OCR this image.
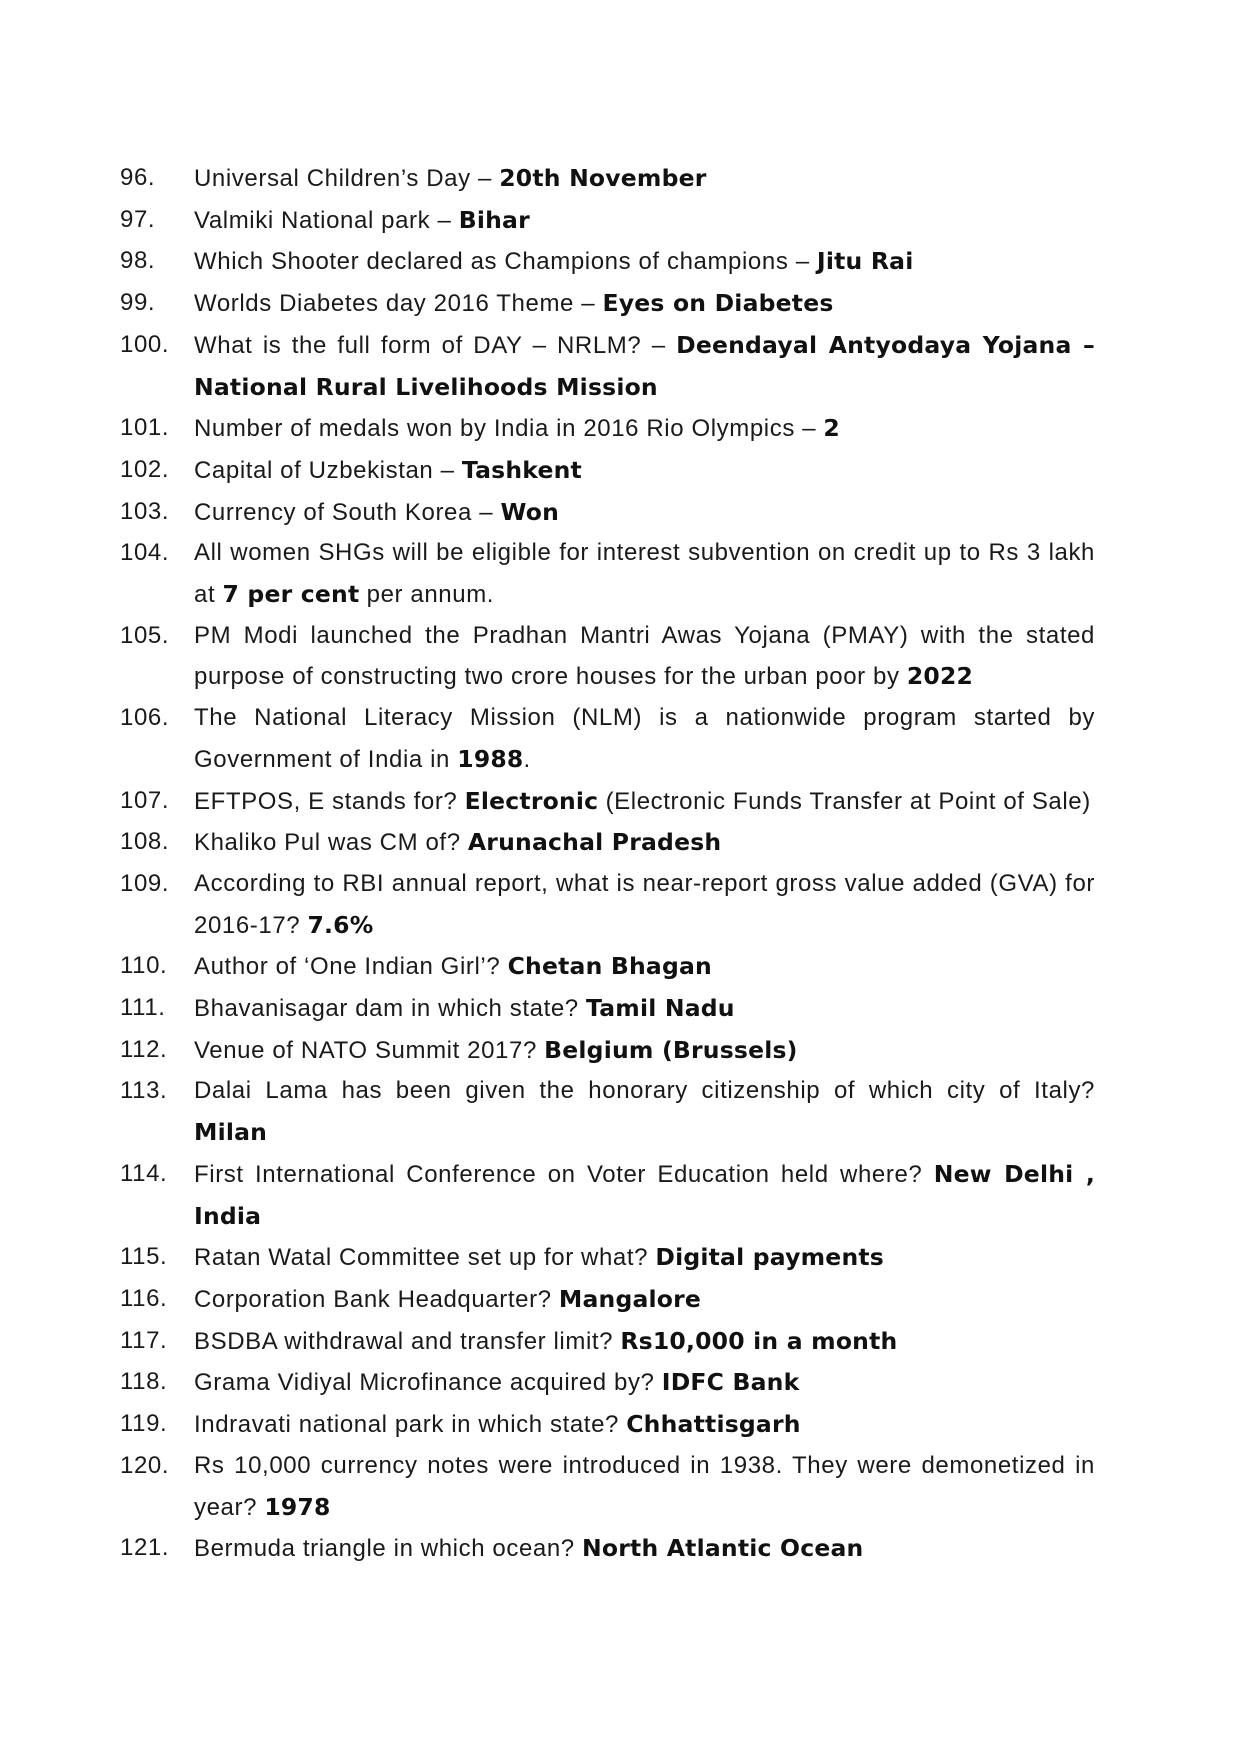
96.	Universal Children’s Day – 20th November
97.	Valmiki National park – Bihar
98.	Which Shooter declared as Champions of champions – Jitu Rai
99.	Worlds Diabetes day 2016 Theme – Eyes on Diabetes
100.	What is the full form of DAY – NRLM? – Deendayal Antyodaya Yojana – National Rural Livelihoods Mission
101.	Number of medals won by India in 2016 Rio Olympics – 2
102.	Capital of Uzbekistan – Tashkent
103.	Currency of South Korea – Won
104.	All women SHGs will be eligible for interest subvention on credit up to Rs 3 lakh at 7 per cent per annum.
105.	PM Modi launched the Pradhan Mantri Awas Yojana (PMAY) with the stated purpose of constructing two crore houses for the urban poor by 2022
106.	The National Literacy Mission (NLM) is a nationwide program started by Government of India in 1988.
107.	EFTPOS, E stands for? Electronic (Electronic Funds Transfer at Point of Sale)
108.	Khaliko Pul was CM of? Arunachal Pradesh
109.	According to RBI annual report, what is near-report gross value added (GVA) for 2016-17? 7.6%
110.	Author of ‘One Indian Girl’? Chetan Bhagan
111.	Bhavanisagar dam in which state? Tamil Nadu
112.	Venue of NATO Summit 2017? Belgium (Brussels)
113.	Dalai Lama has been given the honorary citizenship of which city of Italy? Milan
114.	First International Conference on Voter Education held where? New Delhi , India
115.	Ratan Watal Committee set up for what? Digital payments
116.	Corporation Bank Headquarter? Mangalore
117.	BSDBA withdrawal and transfer limit? Rs10,000 in a month
118.	Grama Vidiyal Microfinance acquired by? IDFC Bank
119.	Indravati national park in which state? Chhattisgarh
120.	Rs 10,000 currency notes were introduced in 1938. They were demonetized in year? 1978
121.	Bermuda triangle in which ocean? North Atlantic Ocean
